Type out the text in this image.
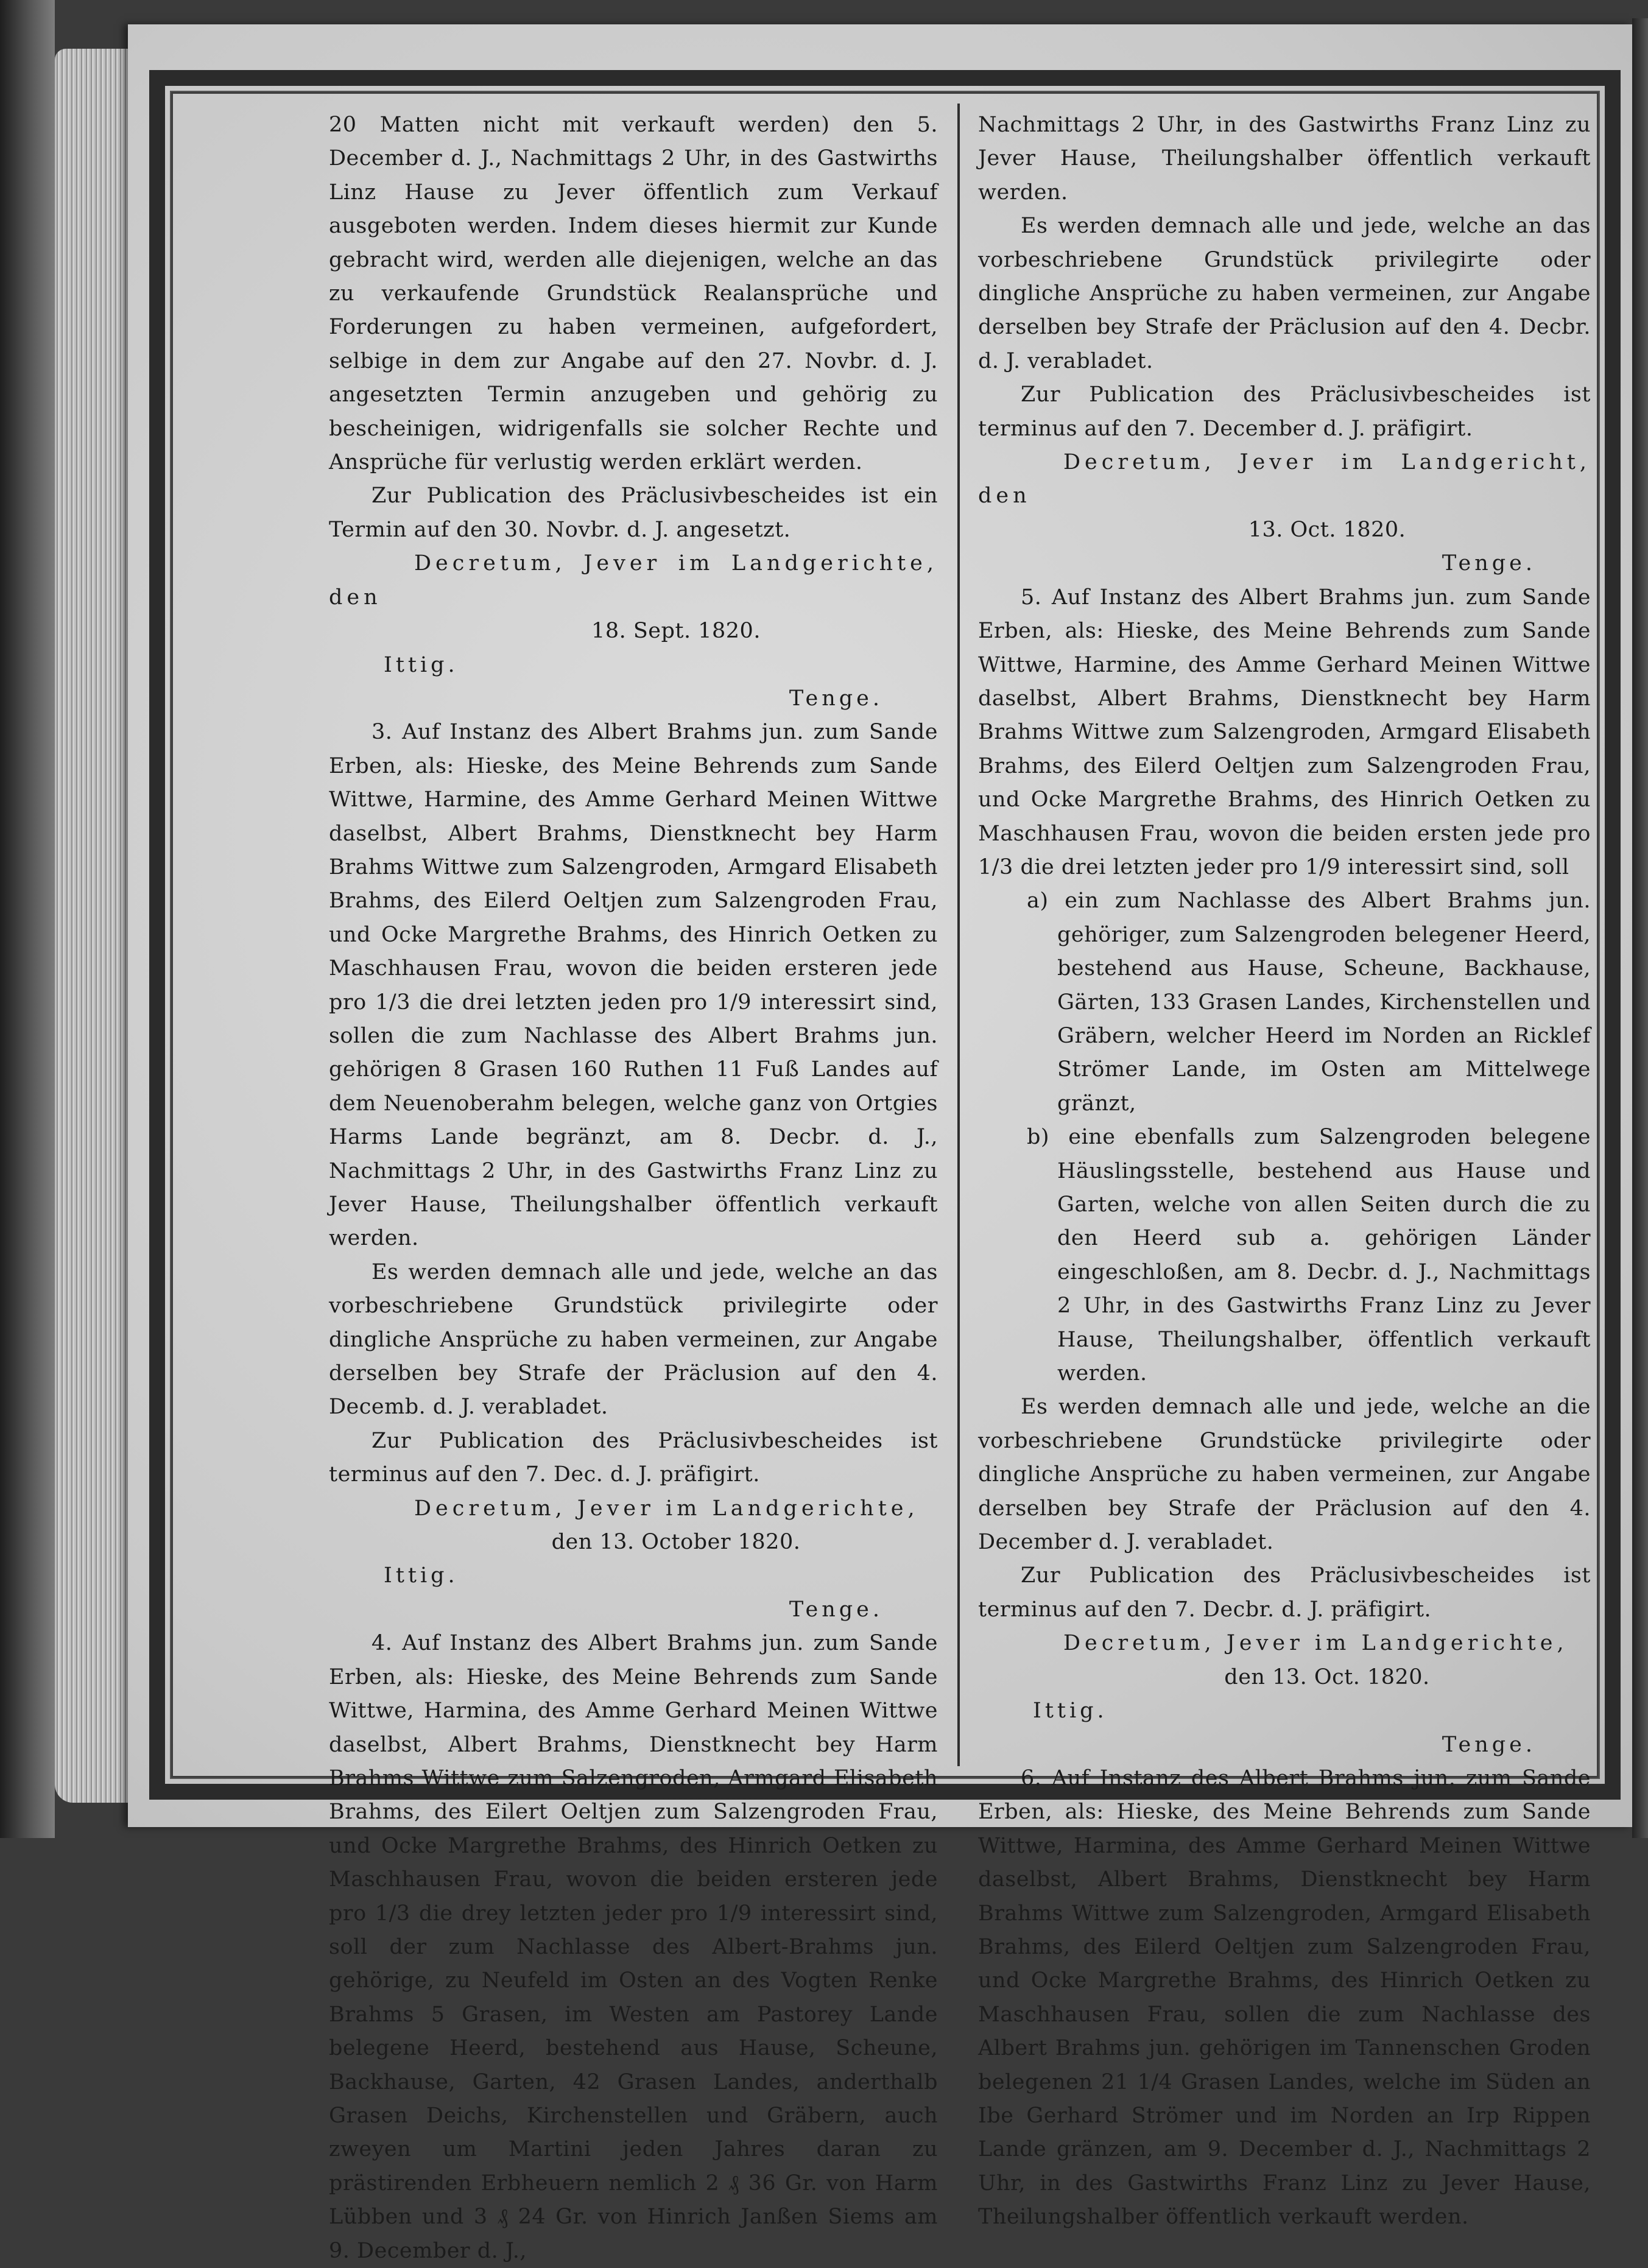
20 Matten nicht mit verkauft werden) den 5. December d. J., Nachmittags 2 Uhr, in des Gastwirths Linz Hause zu Jever öffentlich zum Verkauf ausgeboten werden. Indem dieses hiermit zur Kunde gebracht wird, werden alle diejenigen, welche an das zu verkaufende Grundstück Realansprüche und Forderungen zu haben vermeinen, aufgefordert, selbige in dem zur Angabe auf den 27. Novbr. d. J. angesetzten Termin anzugeben und gehörig zu bescheinigen, widrigenfalls sie solcher Rechte und Ansprüche für verlustig werden erklärt werden.

Zur Publication des Präclusivbescheides ist ein Termin auf den 30. Novbr. d. J. angesetzt.

Decretum, Jever im Landgerichte, den

18. Sept. 1820.

Ittig.

Tenge.

3. Auf Instanz des Albert Brahms jun. zum Sande Erben, als: Hieske, des Meine Behrends zum Sande Wittwe, Harmine, des Amme Gerhard Meinen Wittwe daselbst, Albert Brahms, Dienstknecht bey Harm Brahms Wittwe zum Salzengroden, Armgard Elisabeth Brahms, des Eilerd Oeltjen zum Salzengroden Frau, und Ocke Margrethe Brahms, des Hinrich Oetken zu Maschhausen Frau, wovon die beiden ersteren jede pro 1/3 die drei letzten jeden pro 1/9 interessirt sind, sollen die zum Nachlasse des Albert Brahms jun. gehörigen 8 Grasen 160 Ruthen 11 Fuß Landes auf dem Neuenoberahm belegen, welche ganz von Ortgies Harms Lande begränzt, am 8. Decbr. d. J., Nachmittags 2 Uhr, in des Gastwirths Franz Linz zu Jever Hause, Theilungshalber öffentlich verkauft werden.

Es werden demnach alle und jede, welche an das vorbeschriebene Grundstück privilegirte oder dingliche Ansprüche zu haben vermeinen, zur Angabe derselben bey Strafe der Präclusion auf den 4. Decemb. d. J. verabladet.

Zur Publication des Präclusivbescheides ist terminus auf den 7. Dec. d. J. präfigirt.

Decretum, Jever im Landgerichte,

den 13. October 1820.

Ittig.

Tenge.

4. Auf Instanz des Albert Brahms jun. zum Sande Erben, als: Hieske, des Meine Behrends zum Sande Wittwe, Harmina, des Amme Gerhard Meinen Wittwe daselbst, Albert Brahms, Dienstknecht bey Harm Brahms Wittwe zum Salzengroden, Armgard Elisabeth Brahms, des Eilert Oeltjen zum Salzengroden Frau, und Ocke Margrethe Brahms, des Hinrich Oetken zu Maschhausen Frau, wovon die beiden ersteren jede pro 1/3 die drey letzten jeder pro 1/9 interessirt sind, soll der zum Nachlasse des Albert-Brahms jun. gehörige, zu Neufeld im Osten an des Vogten Renke Brahms 5 Grasen, im Westen am Pastorey Lande belegene Heerd, bestehend aus Hause, Scheune, Backhause, Garten, 42 Grasen Landes, anderthalb Grasen Deichs, Kirchenstellen und Gräbern, auch zweyen um Martini jeden Jahres daran zu prästirenden Erbheuern nemlich 2 ₰ 36 Gr. von Harm Lübben und 3 ₰ 24 Gr. von Hinrich Janßen Siems am 9. December d. J.,

Nachmittags 2 Uhr, in des Gastwirths Franz Linz zu Jever Hause, Theilungshalber öffentlich verkauft werden.

Es werden demnach alle und jede, welche an das vorbeschriebene Grundstück privilegirte oder dingliche Ansprüche zu haben vermeinen, zur Angabe derselben bey Strafe der Präclusion auf den 4. Decbr. d. J. verabladet.

Zur Publication des Präclusivbescheides ist terminus auf den 7. December d. J. präfigirt.

Decretum, Jever im Landgericht, den

13. Oct. 1820.

Tenge.

5. Auf Instanz des Albert Brahms jun. zum Sande Erben, als: Hieske, des Meine Behrends zum Sande Wittwe, Harmine, des Amme Gerhard Meinen Wittwe daselbst, Albert Brahms, Dienstknecht bey Harm Brahms Wittwe zum Salzengroden, Armgard Elisabeth Brahms, des Eilerd Oeltjen zum Salzengroden Frau, und Ocke Margrethe Brahms, des Hinrich Oetken zu Maschhausen Frau, wovon die beiden ersten jede pro 1/3 die drei letzten jeder pro 1/9 interessirt sind, soll

a) ein zum Nachlasse des Albert Brahms jun. gehöriger, zum Salzengroden belegener Heerd, bestehend aus Hause, Scheune, Backhause, Gärten, 133 Grasen Landes, Kirchenstellen und Gräbern, welcher Heerd im Norden an Ricklef Strömer Lande, im Osten am Mittelwege gränzt,

b) eine ebenfalls zum Salzengroden belegene Häuslingsstelle, bestehend aus Hause und Garten, welche von allen Seiten durch die zu den Heerd sub a. gehörigen Länder eingeschloßen, am 8. Decbr. d. J., Nachmittags 2 Uhr, in des Gastwirths Franz Linz zu Jever Hause, Theilungshalber, öffentlich verkauft werden.

Es werden demnach alle und jede, welche an die vorbeschriebene Grundstücke privilegirte oder dingliche Ansprüche zu haben vermeinen, zur Angabe derselben bey Strafe der Präclusion auf den 4. December d. J. verabladet.

Zur Publication des Präclusivbescheides ist terminus auf den 7. Decbr. d. J. präfigirt.

Decretum, Jever im Landgerichte,

den 13. Oct. 1820.

Ittig.

Tenge.

6. Auf Instanz des Albert Brahms jun. zum Sande Erben, als: Hieske, des Meine Behrends zum Sande Wittwe, Harmina, des Amme Gerhard Meinen Wittwe daselbst, Albert Brahms, Dienstknecht bey Harm Brahms Wittwe zum Salzengroden, Armgard Elisabeth Brahms, des Eilerd Oeltjen zum Salzengroden Frau, und Ocke Margrethe Brahms, des Hinrich Oetken zu Maschhausen Frau, sollen die zum Nachlasse des Albert Brahms jun. gehörigen im Tannenschen Groden belegenen 21 1/4 Grasen Landes, welche im Süden an Ibe Gerhard Strömer und im Norden an Irp Rippen Lande gränzen, am 9. December d. J., Nachmittags 2 Uhr, in des Gastwirths Franz Linz zu Jever Hause, Theilungshalber öffentlich verkauft werden.
